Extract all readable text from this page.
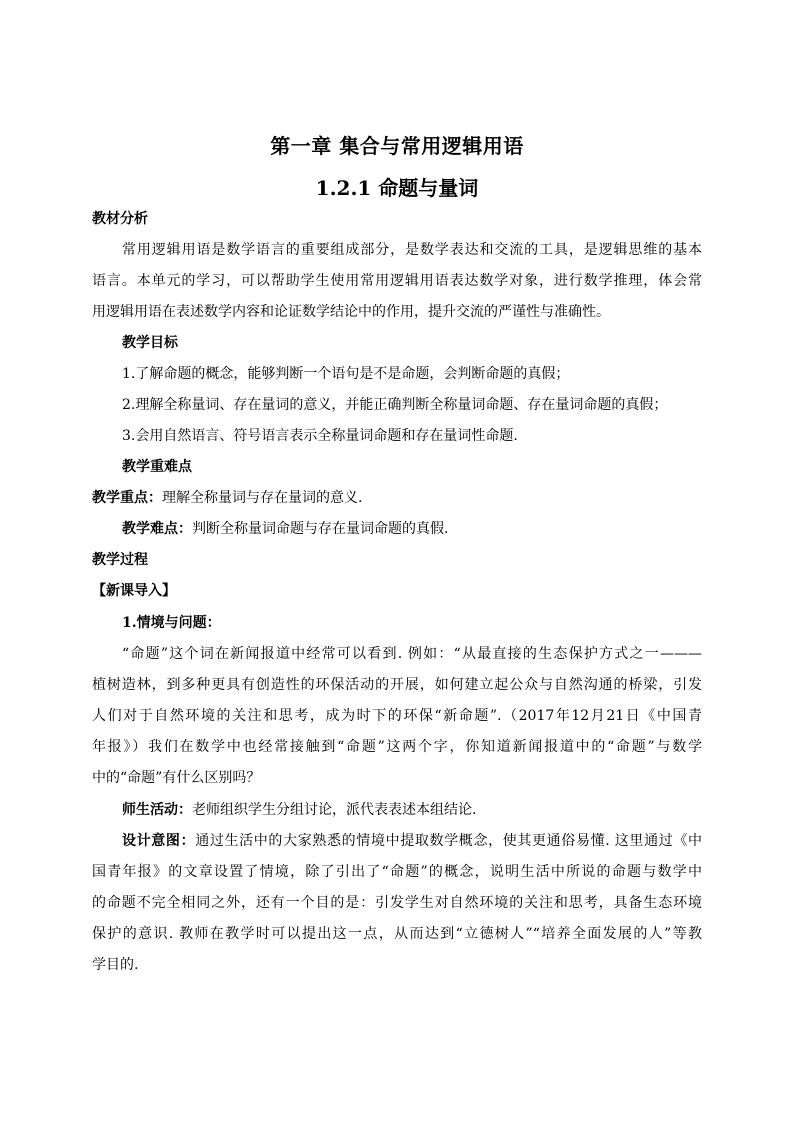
第一章 集合与常用逻辑用语
1.2.1 命题与量词
教材分析
常用逻辑用语是数学语言的重要组成部分，是数学表达和交流的工具，是逻辑思维的基本
语言。本单元的学习，可以帮助学生使用常用逻辑用语表达数学对象，进行数学推理，体会常
用逻辑用语在表述数学内容和论证数学结论中的作用，提升交流的严谨性与准确性。
教学目标
1.了解命题的概念，能够判断一个语句是不是命题，会判断命题的真假；
2.理解全称量词、存在量词的意义，并能正确判断全称量词命题、存在量词命题的真假；
3.会用自然语言、符号语言表示全称量词命题和存在量词性命题.
教学重难点
教学重点：理解全称量词与存在量词的意义.
教学难点：判断全称量词命题与存在量词命题的真假.
教学过程
【新课导入】
1.情境与问题：
“命题”这个词在新闻报道中经常可以看到. 例如：“从最直接的生态保护方式之一———
植树造林，到多种更具有创造性的环保活动的开展，如何建立起公众与自然沟通的桥梁，引发
人们对于自然环境的关注和思考，成为时下的环保“新命题”.（2017年12月21日《中国青
年报》）我们在数学中也经常接触到“命题”这两个字，你知道新闻报道中的“命题”与数学
中的“命题”有什么区别吗？
师生活动：老师组织学生分组讨论，派代表表述本组结论.
设计意图：通过生活中的大家熟悉的情境中提取数学概念，使其更通俗易懂. 这里通过《中
国青年报》的文章设置了情境，除了引出了“命题”的概念，说明生活中所说的命题与数学中
的命题不完全相同之外，还有一个目的是：引发学生对自然环境的关注和思考，具备生态环境
保护的意识. 教师在教学时可以提出这一点，从而达到“立德树人”“培养全面发展的人”等教
学目的.
